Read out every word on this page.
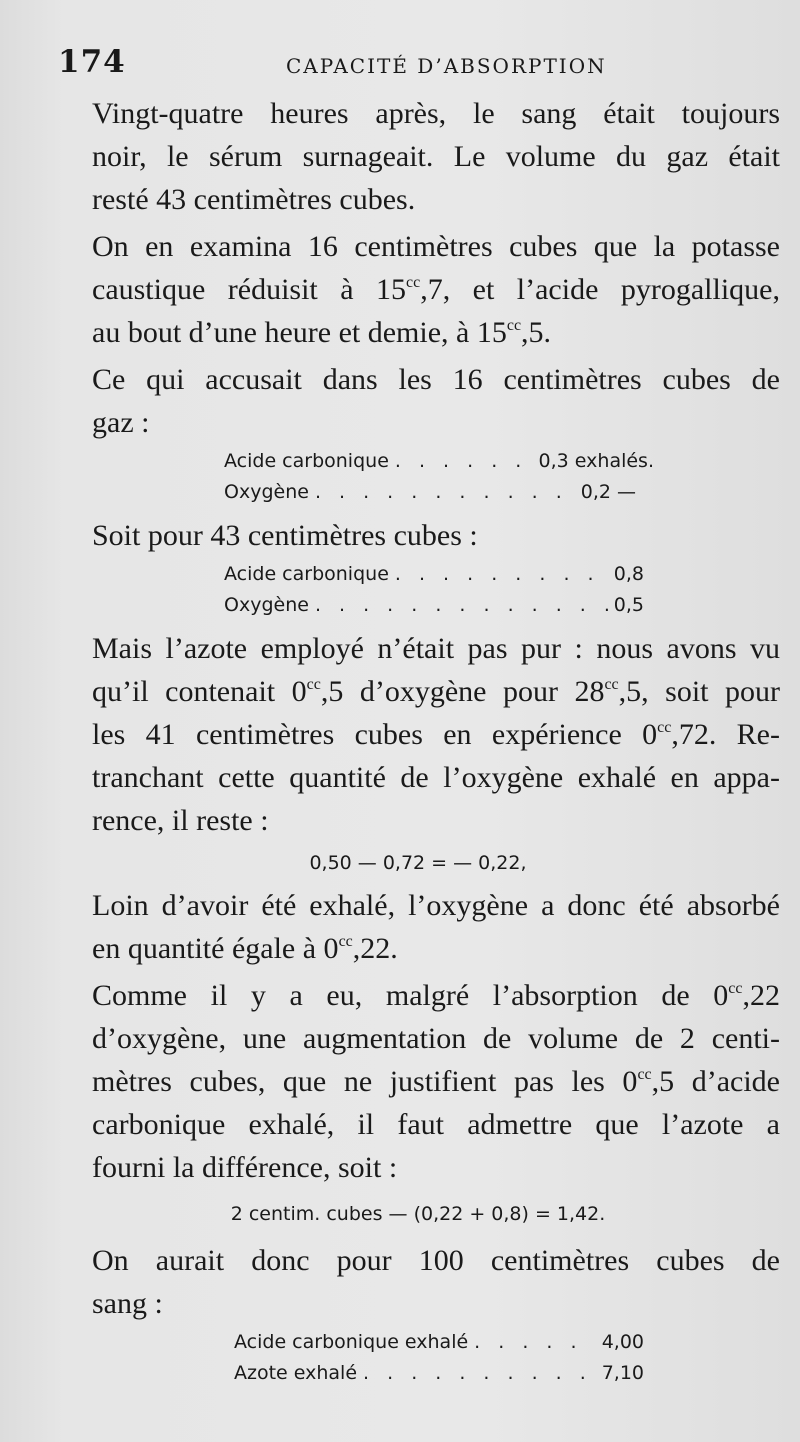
174	CAPACITÉ D’ABSORPTION

Vingt-quatre heures après, le sang était toujours
noir, le sérum surnageait. Le volume du gaz était
resté 43 centimètres cubes.

On en examina 16 centimètres cubes que la potasse
caustique réduisit à $15^{cc},7$, et l’acide pyrogallique,
au bout d’une heure et demie, à $15^{cc},5$.

Ce qui accusait dans les 16 centimètres cubes de
gaz :

Acide carbonique . . .	0,3 exhalés.
Oxygène . . .	0,2 —

Soit pour 43 centimètres cubes :

Acide carbonique . . .	0,8
Oxygène . . .	0,5

Mais l’azote employé n’était pas pur : nous avons vu
qu’il contenait $0^{cc},5$ d’oxygène pour $28^{cc},5$, soit pour
les 41 centimètres cubes en expérience $0^{cc},72$. Re-
tranchant cette quantité de l’oxygène exhalé en appa-
rence, il reste :

0,50 — 0,72 = — 0,22,

Loin d’avoir été exhalé, l’oxygène a donc été absorbé
en quantité égale à $0^{cc},22$.

Comme il y a eu, malgré l’absorption de $0^{cc},22$
d’oxygène, une augmentation de volume de 2 centi-
mètres cubes, que ne justifient pas les $0^{cc},5$ d’acide
carbonique exhalé, il faut admettre que l’azote a
fourni la différence, soit :

2 centim. cubes — (0,22 + 0,8) = 1,42.

On aurait donc pour 100 centimètres cubes de
sang :

Acide carbonique exhalé . . .	4,00
Azote exhalé . . .	7,10
